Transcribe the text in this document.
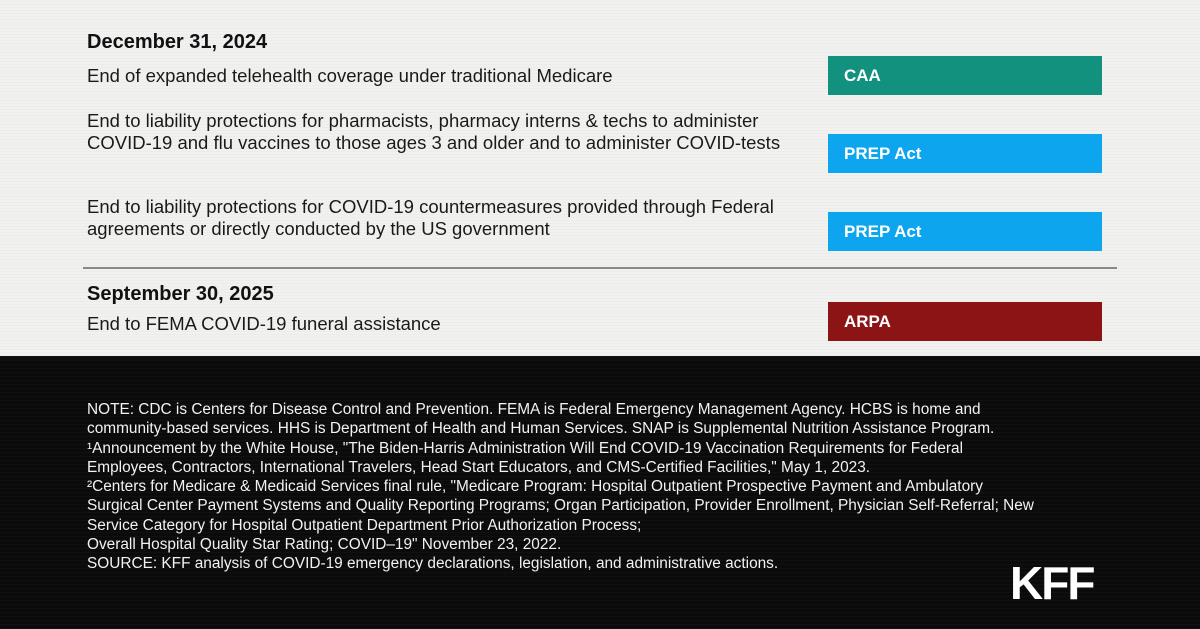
December 31, 2024
End of expanded telehealth coverage under traditional Medicare	CAA
End to liability protections for pharmacists, pharmacy interns & techs to administer COVID-19 and flu vaccines to those ages 3 and older and to administer COVID-tests	PREP Act
End to liability protections for COVID-19 countermeasures provided through Federal agreements or directly conducted by the US government	PREP Act
September 30, 2025
End to FEMA COVID-19 funeral assistance	ARPA
NOTE: CDC is Centers for Disease Control and Prevention. FEMA is Federal Emergency Management Agency. HCBS is home and
community-based services. HHS is Department of Health and Human Services. SNAP is Supplemental Nutrition Assistance Program.
¹Announcement by the White House, "The Biden-Harris Administration Will End COVID-19 Vaccination Requirements for Federal
Employees, Contractors, International Travelers, Head Start Educators, and CMS-Certified Facilities," May 1, 2023.
²Centers for Medicare & Medicaid Services final rule, "Medicare Program: Hospital Outpatient Prospective Payment and Ambulatory
Surgical Center Payment Systems and Quality Reporting Programs; Organ Participation, Provider Enrollment, Physician Self-Referral; New
Service Category for Hospital Outpatient Department Prior Authorization Process;
Overall Hospital Quality Star Rating; COVID–19" November 23, 2022.
SOURCE: KFF analysis of COVID-19 emergency declarations, legislation, and administrative actions.	KFF
